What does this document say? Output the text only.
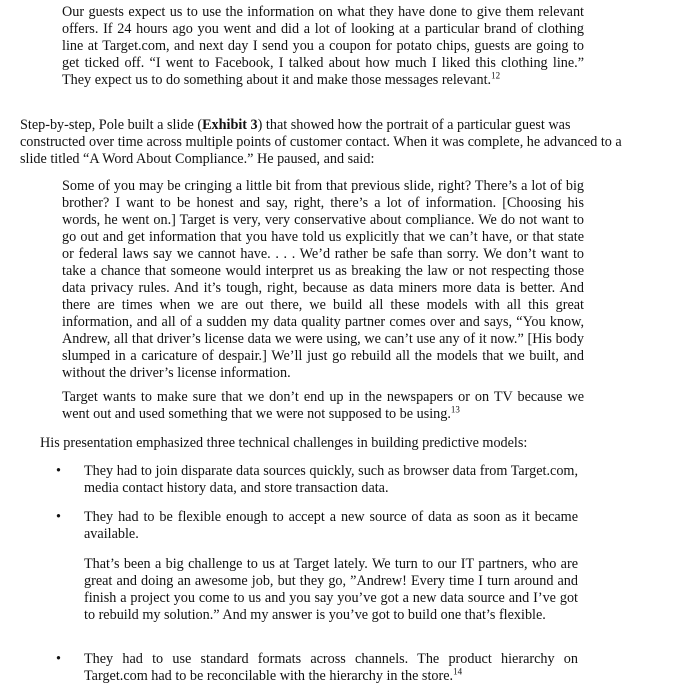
Our guests expect us to use the information on what they have done to give them relevant offers. If 24 hours ago you went and did a lot of looking at a particular brand of clothing line at Target.com, and next day I send you a coupon for potato chips, guests are going to get ticked off. “I went to Facebook, I talked about how much I liked this clothing line.” They expect us to do something about it and make those messages relevant.$^{12}$

Step-by-step, Pole built a slide (Exhibit 3) that showed how the portrait of a particular guest was constructed over time across multiple points of customer contact. When it was complete, he advanced to a slide titled “A Word About Compliance.” He paused, and said:

Some of you may be cringing a little bit from that previous slide, right? There’s a lot of big brother? I want to be honest and say, right, there’s a lot of information. [Choosing his words, he went on.] Target is very, very conservative about compliance. We do not want to go out and get information that you have told us explicitly that we can’t have, or that state or federal laws say we cannot have. . . . We’d rather be safe than sorry. We don’t want to take a chance that someone would interpret us as breaking the law or not respecting those data privacy rules. And it’s tough, right, because as data miners more data is better. And there are times when we are out there, we build all these models with all this great information, and all of a sudden my data quality partner comes over and says, “You know, Andrew, all that driver’s license data we were using, we can’t use any of it now.” [His body slumped in a caricature of despair.] We’ll just go rebuild all the models that we built, and without the driver’s license information.

Target wants to make sure that we don’t end up in the newspapers or on TV because we went out and used something that we were not supposed to be using.$^{13}$

His presentation emphasized three technical challenges in building predictive models:

• They had to join disparate data sources quickly, such as browser data from Target.com, media contact history data, and store transaction data.

• They had to be flexible enough to accept a new source of data as soon as it became available.

That’s been a big challenge to us at Target lately. We turn to our IT partners, who are great and doing an awesome job, but they go, ”Andrew! Every time I turn around and finish a project you come to us and you say you’ve got a new data source and I’ve got to rebuild my solution.” And my answer is you’ve got to build one that’s flexible.

• They had to use standard formats across channels. The product hierarchy on Target.com had to be reconcilable with the hierarchy in the store.$^{14}$
